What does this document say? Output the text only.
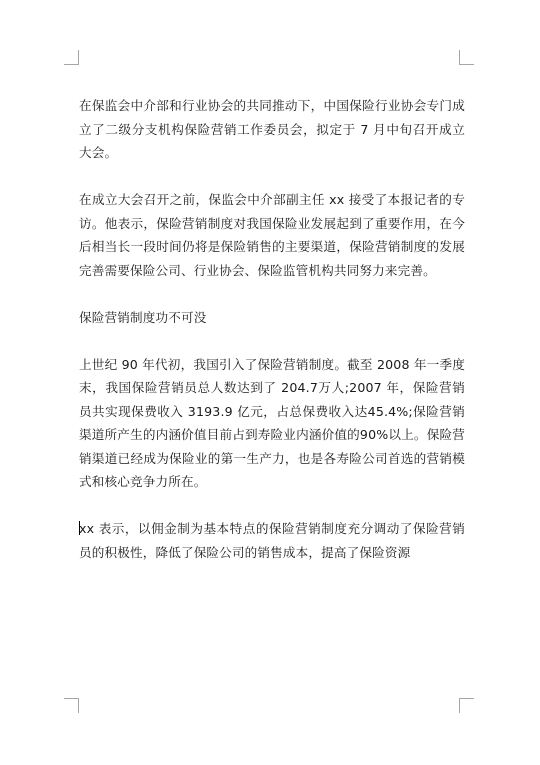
在保监会中介部和行业协会的共同推动下，中国保险行业协会专门成立了二级分支机构保险营销工作委员会，拟定于 7 月中旬召开成立大会。

在成立大会召开之前，保监会中介部副主任 xx 接受了本报记者的专访。他表示，保险营销制度对我国保险业发展起到了重要作用，在今后相当长一段时间仍将是保险销售的主要渠道，保险营销制度的发展完善需要保险公司、行业协会、保险监管机构共同努力来完善。

保险营销制度功不可没

上世纪 90 年代初，我国引入了保险营销制度。截至 2008 年一季度末，我国保险营销员总人数达到了 204.7万人;2007 年，保险营销员共实现保费收入 3193.9 亿元，占总保费收入达45.4%;保险营销渠道所产生的内涵价值目前占到寿险业内涵价值的90%以上。保险营销渠道已经成为保险业的第一生产力，也是各寿险公司首选的营销模式和核心竞争力所在。

xx 表示，以佣金制为基本特点的保险营销制度充分调动了保险营销员的积极性，降低了保险公司的销售成本，提高了保险资源
